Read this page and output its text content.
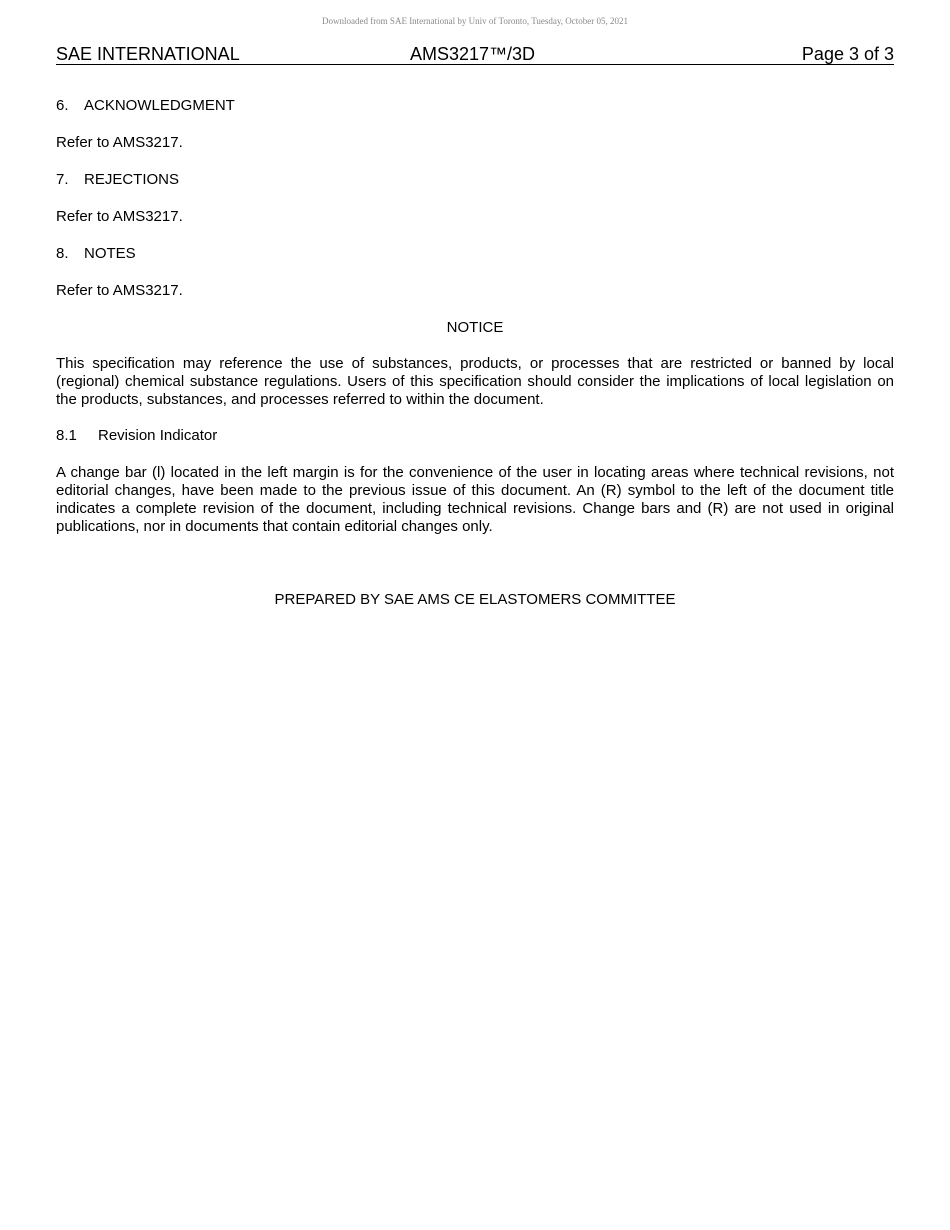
Downloaded from SAE International by Univ of Toronto, Tuesday, October 05, 2021
SAE INTERNATIONAL	AMS3217™/3D	Page 3 of 3
6. ACKNOWLEDGMENT
Refer to AMS3217.
7. REJECTIONS
Refer to AMS3217.
8. NOTES
Refer to AMS3217.
NOTICE
This specification may reference the use of substances, products, or processes that are restricted or banned by local (regional) chemical substance regulations. Users of this specification should consider the implications of local legislation on the products, substances, and processes referred to within the document.
8.1 Revision Indicator
A change bar (l) located in the left margin is for the convenience of the user in locating areas where technical revisions, not editorial changes, have been made to the previous issue of this document. An (R) symbol to the left of the document title indicates a complete revision of the document, including technical revisions. Change bars and (R) are not used in original publications, nor in documents that contain editorial changes only.
PREPARED BY SAE AMS CE ELASTOMERS COMMITTEE
